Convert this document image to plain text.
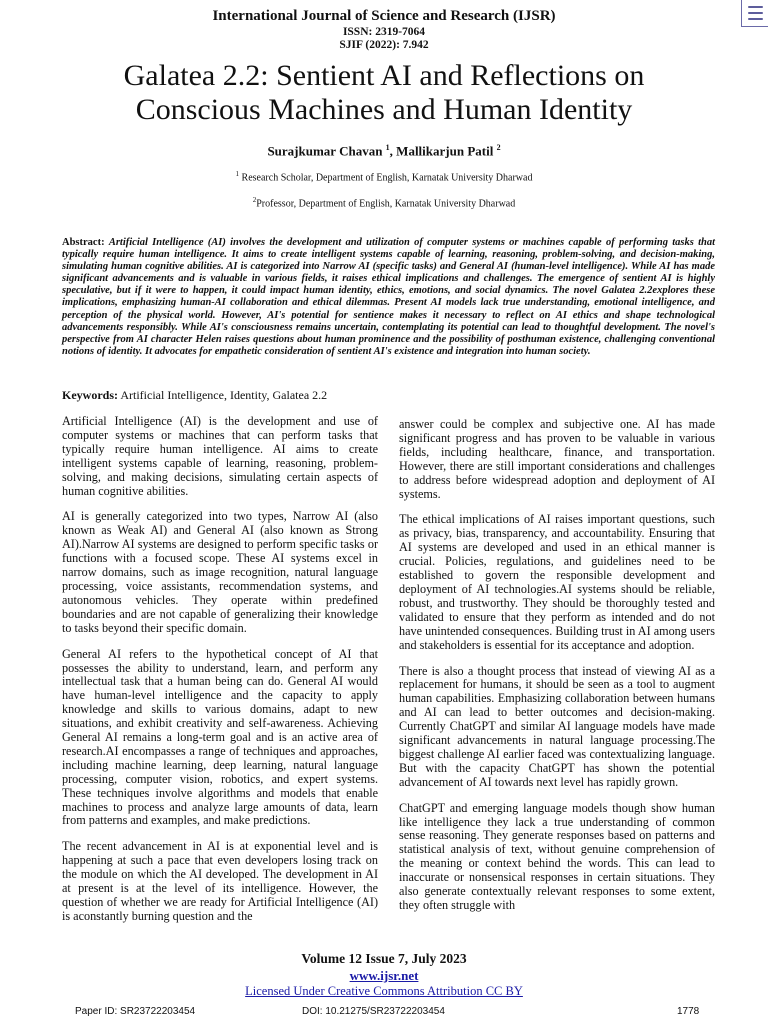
International Journal of Science and Research (IJSR)
ISSN: 2319-7064
SJIF (2022): 7.942
Galatea 2.2: Sentient AI and Reflections on
Conscious Machines and Human Identity
Surajkumar Chavan $^1$, Mallikarjun Patil $^2$
$^1$ Research Scholar, Department of English, Karnatak University Dharwad
$^2$Professor, Department of English, Karnatak University Dharwad

Abstract: Artificial Intelligence (AI) involves the development and utilization of computer systems or machines capable of performing tasks that typically require human intelligence. It aims to create intelligent systems capable of learning, reasoning, problem-solving, and decision-making, simulating human cognitive abilities. AI is categorized into Narrow AI (specific tasks) and General AI (human-level intelligence). While AI has made significant advancements and is valuable in various fields, it raises ethical implications and challenges. The emergence of sentient AI is highly speculative, but if it were to happen, it could impact human identity, ethics, emotions, and social dynamics. The novel Galatea 2.2explores these implications, emphasizing human-AI collaboration and ethical dilemmas. Present AI models lack true understanding, emotional intelligence, and perception of the physical world. However, AI's potential for sentience makes it necessary to reflect on AI ethics and shape technological advancements responsibly. While AI's consciousness remains uncertain, contemplating its potential can lead to thoughtful development. The novel's perspective from AI character Helen raises questions about human prominence and the possibility of posthuman existence, challenging conventional notions of identity. It advocates for empathetic consideration of sentient AI's existence and integration into human society.

Keywords: Artificial Intelligence, Identity, Galatea 2.2

Artificial Intelligence (AI) is the development and use of computer systems or machines that can perform tasks that typically require human intelligence. AI aims to create intelligent systems capable of learning, reasoning, problem-solving, and making decisions, simulating certain aspects of human cognitive abilities.

AI is generally categorized into two types, Narrow AI (also known as Weak AI) and General AI (also known as Strong AI).Narrow AI systems are designed to perform specific tasks or functions with a focused scope. These AI systems excel in narrow domains, such as image recognition, natural language processing, voice assistants, recommendation systems, and autonomous vehicles. They operate within predefined boundaries and are not capable of generalizing their knowledge to tasks beyond their specific domain.

General AI refers to the hypothetical concept of AI that possesses the ability to understand, learn, and perform any intellectual task that a human being can do. General AI would have human-level intelligence and the capacity to apply knowledge and skills to various domains, adapt to new situations, and exhibit creativity and self-awareness. Achieving General AI remains a long-term goal and is an active area of research.AI encompasses a range of techniques and approaches, including machine learning, deep learning, natural language processing, computer vision, robotics, and expert systems. These techniques involve algorithms and models that enable machines to process and analyze large amounts of data, learn from patterns and examples, and make predictions.

The recent advancement in AI is at exponential level and is happening at such a pace that even developers losing track on the module on which the AI developed. The development in AI at present is at the level of its intelligence. However, the question of whether we are ready for Artificial Intelligence (AI) is aconstantly burning question and the

answer could be complex and subjective one. AI has made significant progress and has proven to be valuable in various fields, including healthcare, finance, and transportation. However, there are still important considerations and challenges to address before widespread adoption and deployment of AI systems.

The ethical implications of AI raises important questions, such as privacy, bias, transparency, and accountability. Ensuring that AI systems are developed and used in an ethical manner is crucial. Policies, regulations, and guidelines need to be established to govern the responsible development and deployment of AI technologies.AI systems should be reliable, robust, and trustworthy. They should be thoroughly tested and validated to ensure that they perform as intended and do not have unintended consequences. Building trust in AI among users and stakeholders is essential for its acceptance and adoption.

There is also a thought process that instead of viewing AI as a replacement for humans, it should be seen as a tool to augment human capabilities. Emphasizing collaboration between humans and AI can lead to better outcomes and decision-making. Currently ChatGPT and similar AI language models have made significant advancements in natural language processing.The biggest challenge AI earlier faced was contextualizing language. But with the capacity ChatGPT has shown the potential advancement of AI towards next level has rapidly grown.

ChatGPT and emerging language models though show human like intelligence they lack a true understanding of common sense reasoning. They generate responses based on patterns and statistical analysis of text, without genuine comprehension of the meaning or context behind the words. This can lead to inaccurate or nonsensical responses in certain situations. They also generate contextually relevant responses to some extent, they often struggle with

Volume 12 Issue 7, July 2023
www.ijsr.net
Licensed Under Creative Commons Attribution CC BY
Paper ID: SR23722203454	DOI: 10.21275/SR23722203454	1778
